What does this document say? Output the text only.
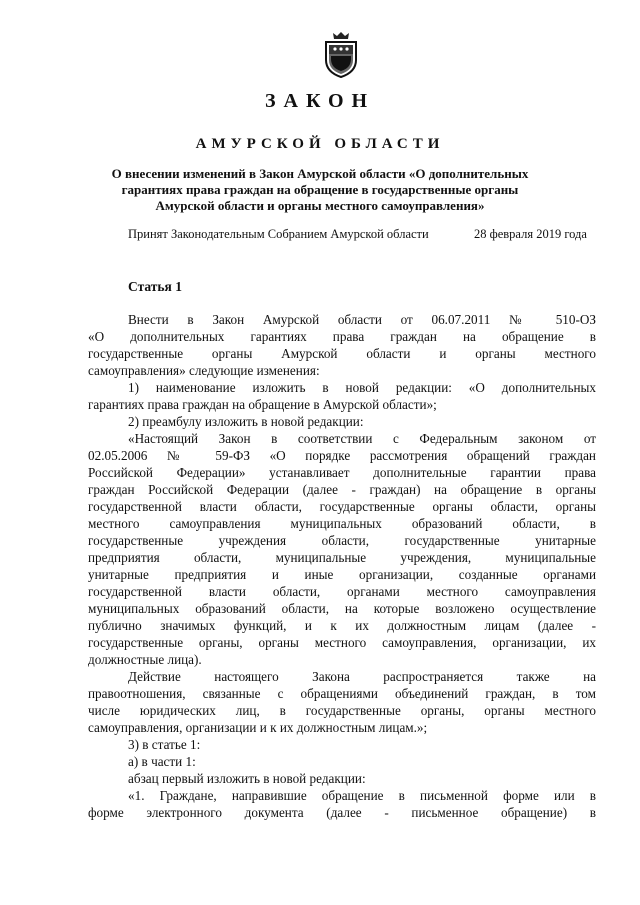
ЗАКОН
АМУРСКОЙ ОБЛАСТИ
О внесении изменений в Закон Амурской области «О дополнительных
гарантиях права граждан на обращение в государственные органы
Амурской области и органы местного самоуправления»
Принят Законодательным Собранием Амурской области	28 февраля 2019 года
Статья 1
Внести в Закон Амурской области от 06.07.2011 № 510-ОЗ
«О дополнительных гарантиях права граждан на обращение в
государственные органы Амурской области и органы местного
самоуправления» следующие изменения:
1) наименование изложить в новой редакции: «О дополнительных
гарантиях права граждан на обращение в Амурской области»;
2) преамбулу изложить в новой редакции:
«Настоящий Закон в соответствии с Федеральным законом от
02.05.2006 № 59-ФЗ «О порядке рассмотрения обращений граждан
Российской Федерации» устанавливает дополнительные гарантии права
граждан Российской Федерации (далее - граждан) на обращение в органы
государственной власти области, государственные органы области, органы
местного самоуправления муниципальных образований области, в
государственные учреждения области, государственные унитарные
предприятия области, муниципальные учреждения, муниципальные
унитарные предприятия и иные организации, созданные органами
государственной власти области, органами местного самоуправления
муниципальных образований области, на которые возложено осуществление
публично значимых функций, и к их должностным лицам (далее -
государственные органы, органы местного самоуправления, организации, их
должностные лица).
Действие настоящего Закона распространяется также на
правоотношения, связанные с обращениями объединений граждан, в том
числе юридических лиц, в государственные органы, органы местного
самоуправления, организации и к их должностным лицам.»;
3) в статье 1:
а) в части 1:
абзац первый изложить в новой редакции:
«1. Граждане, направившие обращение в письменной форме или в
форме электронного документа (далее - письменное обращение) в
